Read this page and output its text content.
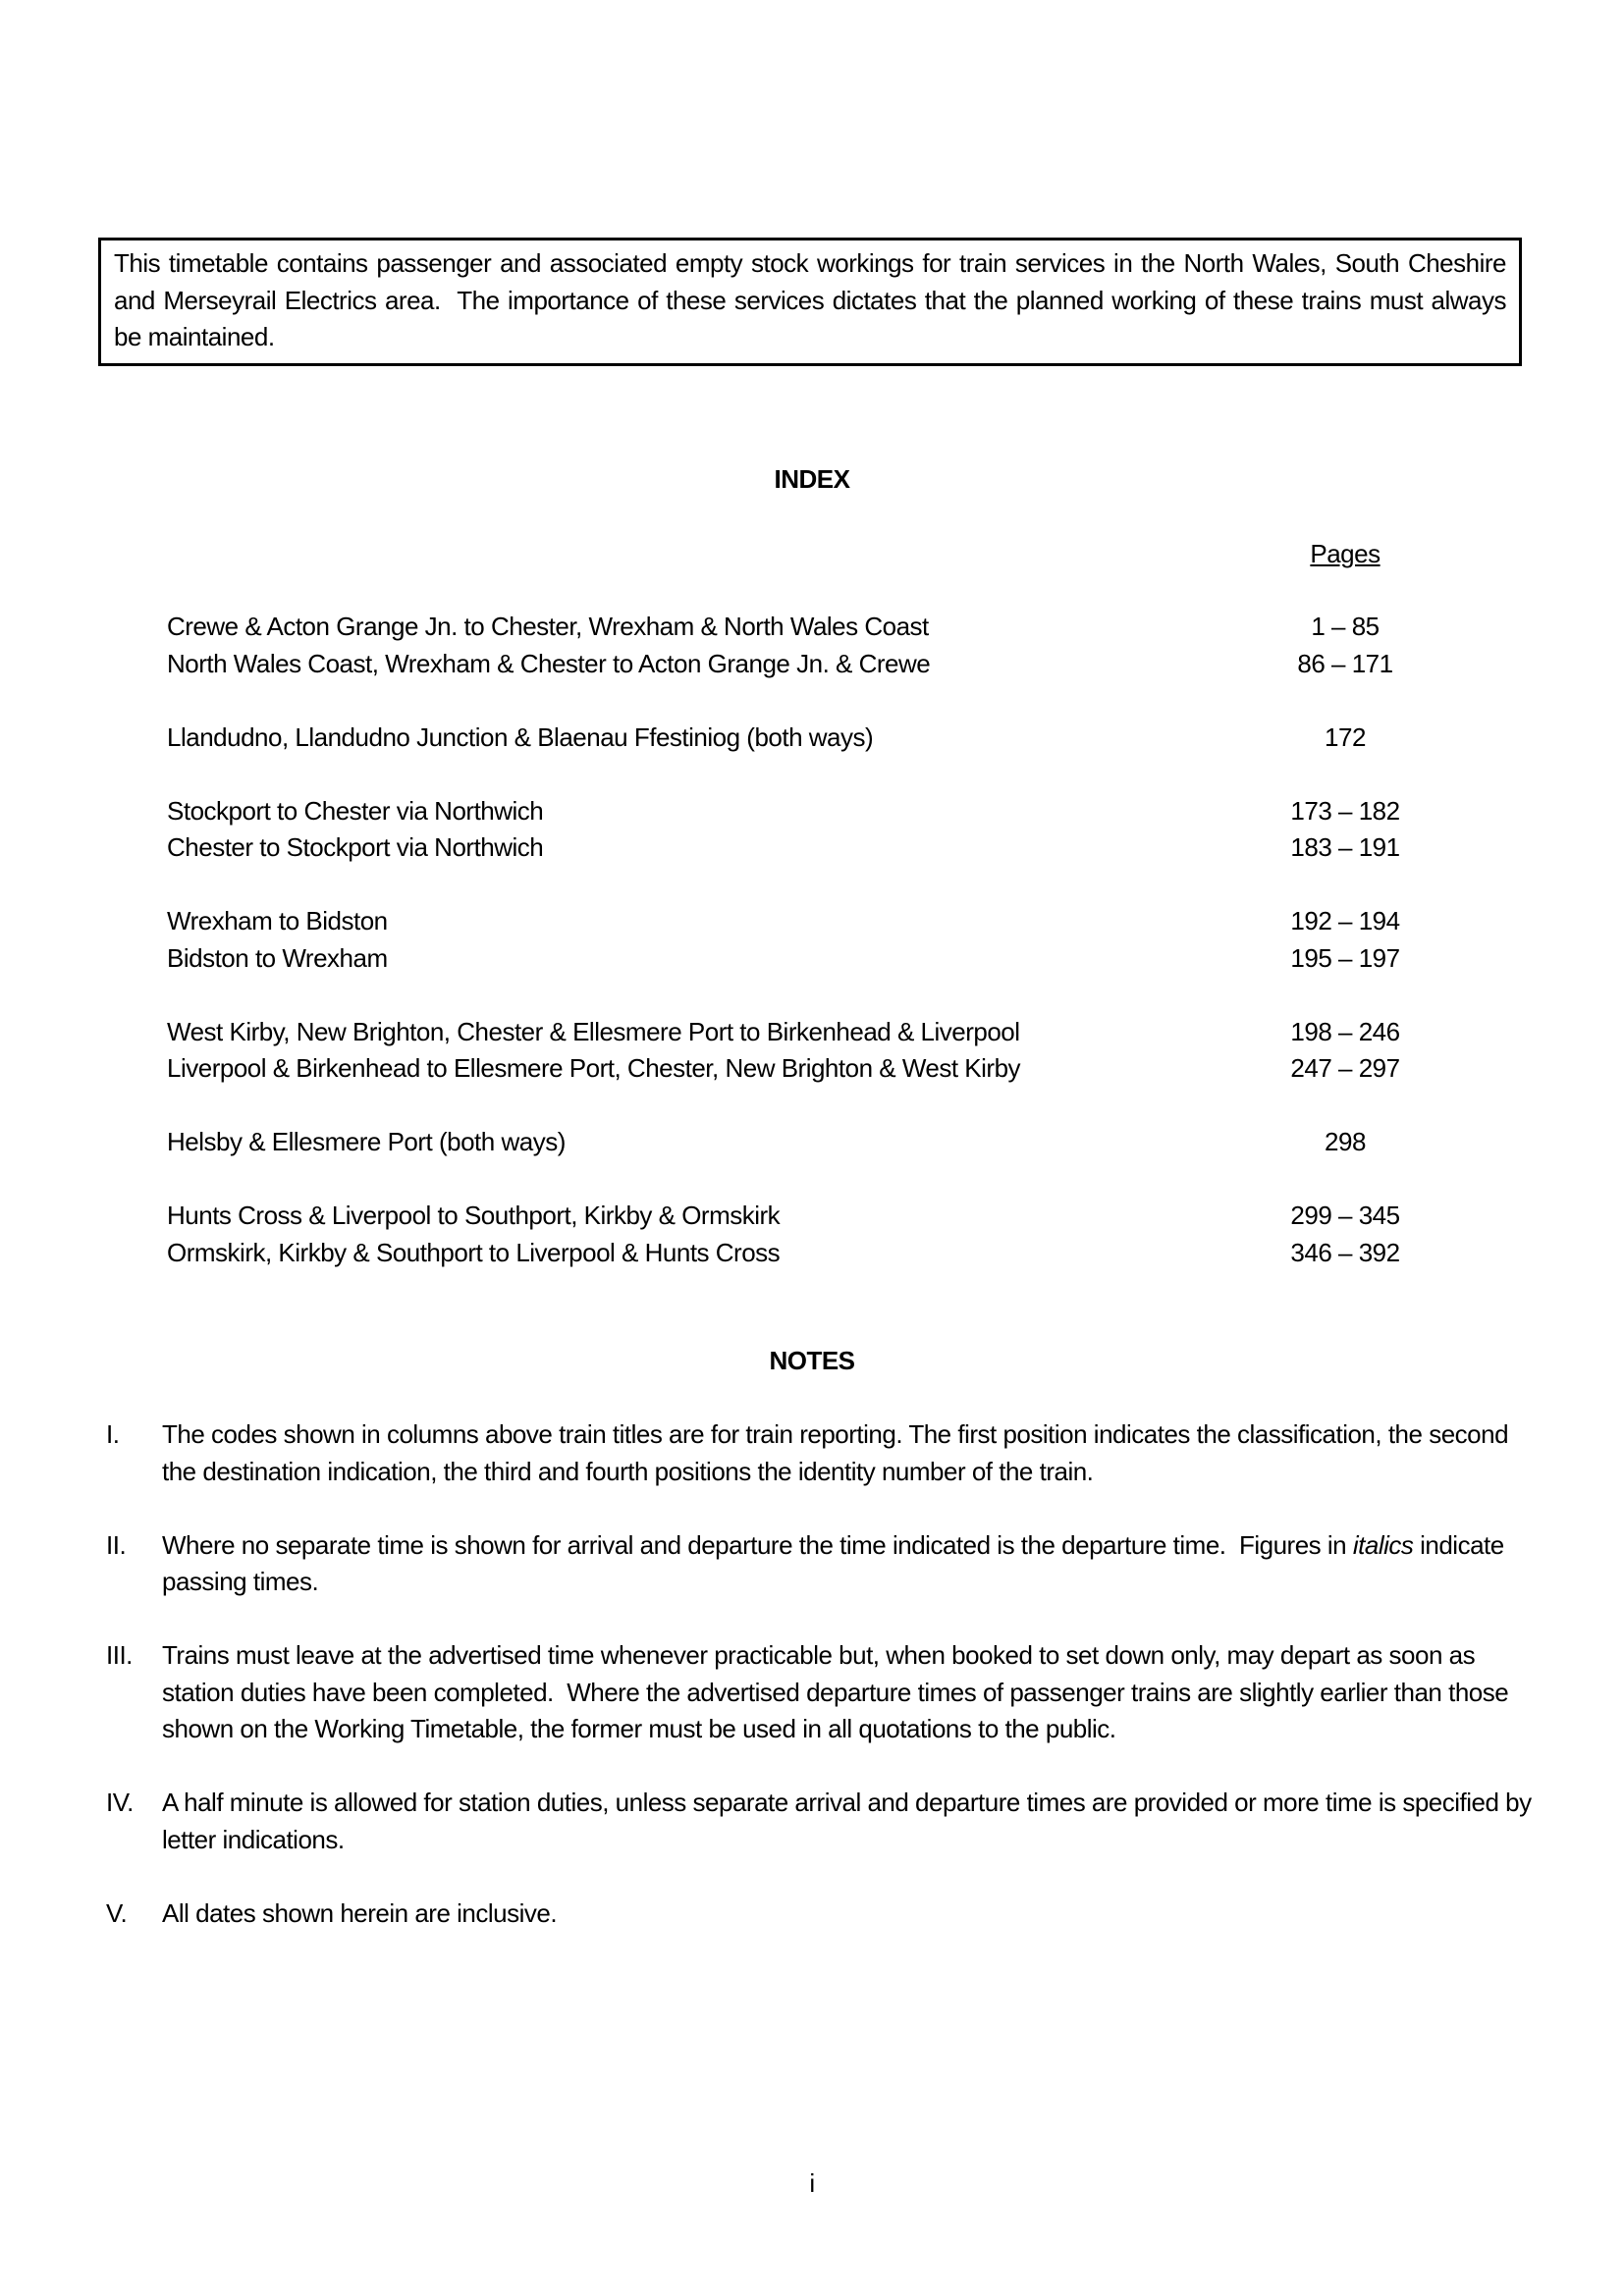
This timetable contains passenger and associated empty stock workings for train services in the North Wales, South Cheshire and Merseyrail Electrics area.  The importance of these services dictates that the planned working of these trains must always be maintained.

INDEX
Pages
Crewe & Acton Grange Jn. to Chester, Wrexham & North Wales Coast	1 – 85
North Wales Coast, Wrexham & Chester to Acton Grange Jn. & Crewe	86 – 171
Llandudno, Llandudno Junction & Blaenau Ffestiniog (both ways)	172
Stockport to Chester via Northwich	173 – 182
Chester to Stockport via Northwich	183 – 191
Wrexham to Bidston	192 – 194
Bidston to Wrexham	195 – 197
West Kirby, New Brighton, Chester & Ellesmere Port to Birkenhead & Liverpool	198 – 246
Liverpool & Birkenhead to Ellesmere Port, Chester, New Brighton & West Kirby	247 – 297
Helsby & Ellesmere Port (both ways)	298
Hunts Cross & Liverpool to Southport, Kirkby & Ormskirk	299 – 345
Ormskirk, Kirkby & Southport to Liverpool & Hunts Cross	346 – 392
NOTES
I. The codes shown in columns above train titles are for train reporting. The first position indicates the classification, the second the destination indication, the third and fourth positions the identity number of the train.

II. Where no separate time is shown for arrival and departure the time indicated is the departure time.  Figures in italics indicate passing times.

III. Trains must leave at the advertised time whenever practicable but, when booked to set down only, may depart as soon as station duties have been completed.  Where the advertised departure times of passenger trains are slightly earlier than those shown on the Working Timetable, the former must be used in all quotations to the public.

IV. A half minute is allowed for station duties, unless separate arrival and departure times are provided or more time is specified by letter indications.

V. All dates shown herein are inclusive.

i
